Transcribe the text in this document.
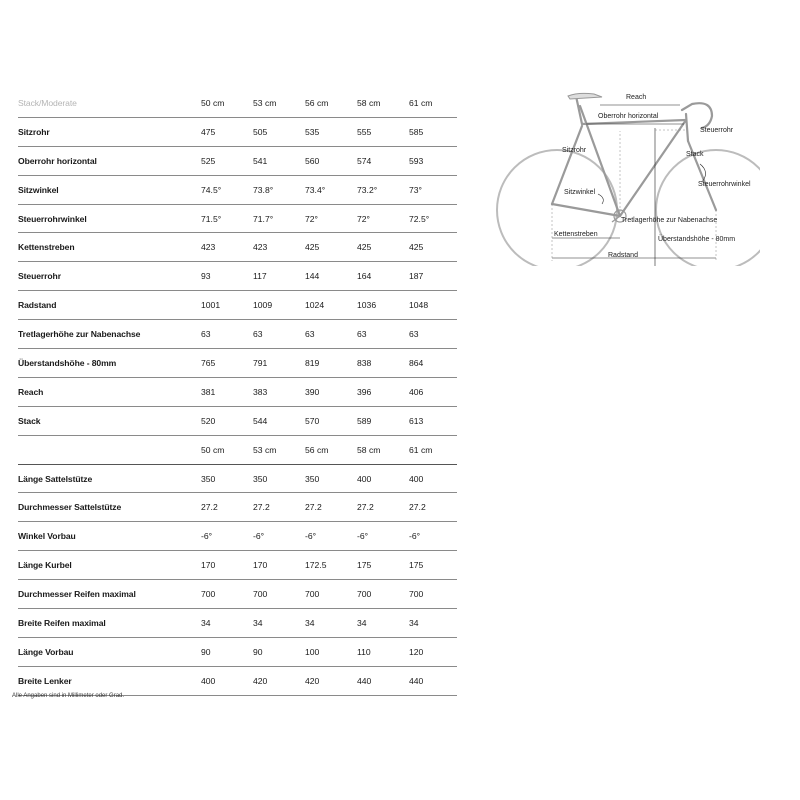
Stack/Moderate	50 cm	53 cm	56 cm	58 cm	61 cm
Sitzrohr	475	505	535	555	585
Oberrohr horizontal	525	541	560	574	593
Sitzwinkel	74.5°	73.8°	73.4°	73.2°	73°
Steuerrohrwinkel	71.5°	71.7°	72°	72°	72.5°
Kettenstreben	423	423	425	425	425
Steuerrohr	93	117	144	164	187
Radstand	1001	1009	1024	1036	1048
Tretlagerhöhe zur Nabenachse	63	63	63	63	63
Überstandshöhe - 80mm	765	791	819	838	864
Reach	381	383	390	396	406
Stack	520	544	570	589	613
50 cm	53 cm	56 cm	58 cm	61 cm
Länge Sattelstütze	350	350	350	400	400
Durchmesser Sattelstütze	27.2	27.2	27.2	27.2	27.2
Winkel Vorbau	-6°	-6°	-6°	-6°	-6°
Länge Kurbel	170	170	172.5	175	175
Durchmesser Reifen maximal	700	700	700	700	700
Breite Reifen maximal	34	34	34	34	34
Länge Vorbau	90	90	100	110	120
Breite Lenker	400	420	420	440	440
Alle Angaben sind in Millimeter oder Grad.
Reach
Oberrohr horizontal
Steuerrohr
Sitzrohr
Stack
Steuerrohrwinkel
Sitzwinkel
Tretlagerhöhe zur Nabenachse
Kettenstreben
Überstandshöhe - 80mm
Radstand
